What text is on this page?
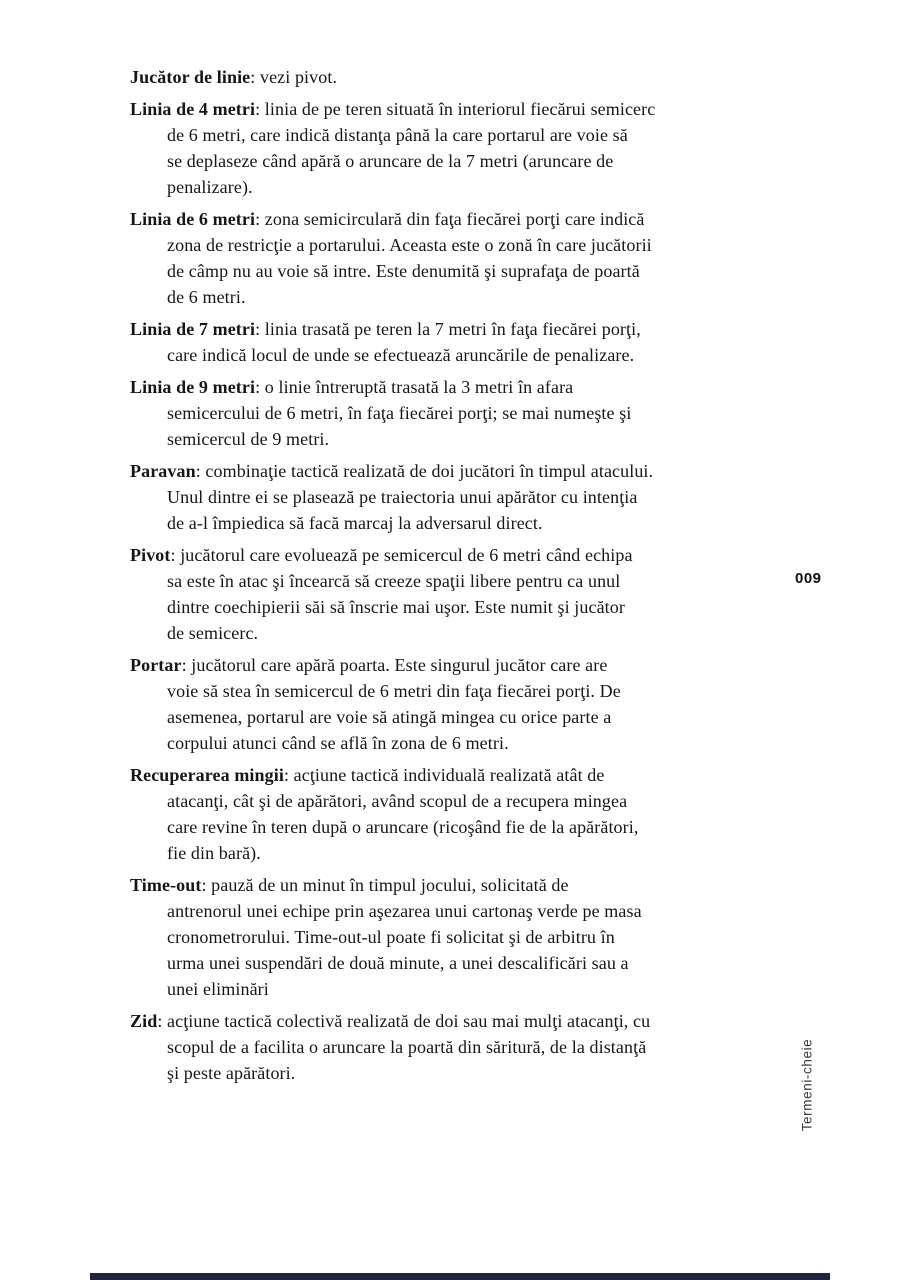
Jucător de linie: vezi pivot.

Linia de 4 metri: linia de pe teren situată în interiorul fiecărui semicerc
de 6 metri, care indică distanţa până la care portarul are voie să
se deplaseze când apără o aruncare de la 7 metri (aruncare de
penalizare).

Linia de 6 metri: zona semicirculară din faţa fiecărei porţi care indică
zona de restricţie a portarului. Aceasta este o zonă în care jucătorii
de câmp nu au voie să intre. Este denumită şi suprafaţa de poartă
de 6 metri.

Linia de 7 metri: linia trasată pe teren la 7 metri în faţa fiecărei porţi,
care indică locul de unde se efectuează aruncările de penalizare.

Linia de 9 metri: o linie întreruptă trasată la 3 metri în afara
semicercului de 6 metri, în faţa fiecărei porţi; se mai numeşte şi
semicercul de 9 metri.

Paravan: combinaţie tactică realizată de doi jucători în timpul atacului.
Unul dintre ei se plasează pe traiectoria unui apărător cu intenţia
de a-l împiedica să facă marcaj la adversarul direct.

Pivot: jucătorul care evoluează pe semicercul de 6 metri când echipa
sa este în atac şi încearcă să creeze spaţii libere pentru ca unul
dintre coechipierii săi să înscrie mai uşor. Este numit şi jucător
de semicerc.

Portar: jucătorul care apără poarta. Este singurul jucător care are
voie să stea în semicercul de 6 metri din faţa fiecărei porţi. De
asemenea, portarul are voie să atingă mingea cu orice parte a
corpului atunci când se află în zona de 6 metri.

Recuperarea mingii: acţiune tactică individuală realizată atât de
atacanţi, cât şi de apărători, având scopul de a recupera mingea
care revine în teren după o aruncare (ricoşând fie de la apărători,
fie din bară).

Time-out: pauză de un minut în timpul jocului, solicitată de
antrenorul unei echipe prin aşezarea unui cartonaş verde pe masa
cronometrorului. Time-out-ul poate fi solicitat şi de arbitru în
urma unei suspendări de două minute, a unei descalificări sau a
unei eliminări

Zid: acţiune tactică colectivă realizată de doi sau mai mulţi atacanţi, cu
scopul de a facilita o aruncare la poartă din săritură, de la distanţă
şi peste apărători.

009
Termeni-cheie
